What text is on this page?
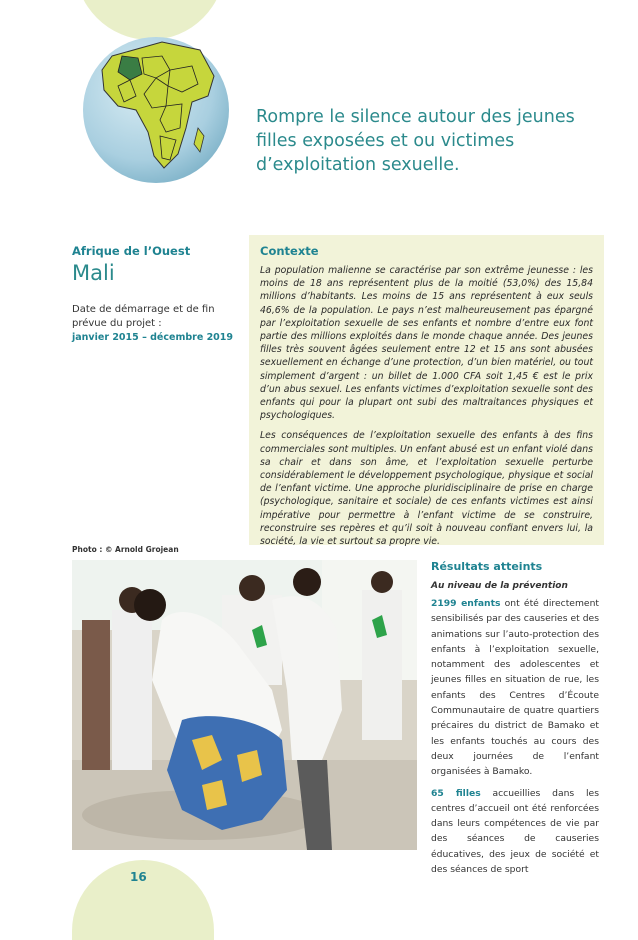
Rompre le silence autour des jeunes filles exposées et ou victimes d’exploitation sexuelle.
Afrique de l’Ouest
Mali
Date de démarrage et de fin prévue du projet :
janvier 2015 – décembre 2019
Contexte

La population malienne se caractérise par son extrême jeunesse : les moins de 18 ans représentent plus de la moitié (53,0%) des 15,84 millions d’habitants. Les moins de 15 ans représentent à eux seuls 46,6% de la population. Le pays n’est malheureusement pas épargné par l’exploitation sexuelle de ses enfants et nombre d’entre eux font partie des millions exploités dans le monde chaque année. Des jeunes filles très souvent âgées seulement entre 12 et 15 ans sont abusées sexuellement en échange d’une protection, d’un bien matériel, ou tout simplement d’argent : un billet de 1.000 CFA soit 1,45 € est le prix d’un abus sexuel. Les enfants victimes d’exploitation sexuelle sont des enfants qui pour la plupart ont subi des maltraitances physiques et psychologiques.

Les conséquences de l’exploitation sexuelle des enfants à des fins commerciales sont multiples. Un enfant abusé est un enfant violé dans sa chair et dans son âme, et l’exploitation sexuelle perturbe considérablement le développement psychologique, physique et social de l’enfant victime. Une approche pluridisciplinaire de prise en charge (psychologique, sanitaire et sociale) de ces enfants victimes est ainsi impérative pour permettre à l’enfant victime de se construire, reconstruire ses repères et qu’il soit à nouveau confiant envers lui, la société, la vie et surtout sa propre vie.

Photo : © Arnold Grojean
Résultats atteints
Au niveau de la prévention

2199 enfants ont été directement sensibilisés par des causeries et des animations sur l’auto-protection des enfants à l’exploitation sexuelle, notamment des adolescentes et jeunes filles en situation de rue, les enfants des Centres d’Écoute Communautaire de quatre quartiers précaires du district de Bamako et les enfants touchés au cours des deux journées de l’enfant organisées à Bamako.

65 filles accueillies dans les centres d’accueil ont été renforcées dans leurs compétences de vie par des séances de causeries éducatives, des jeux de société et des séances de sport

16
